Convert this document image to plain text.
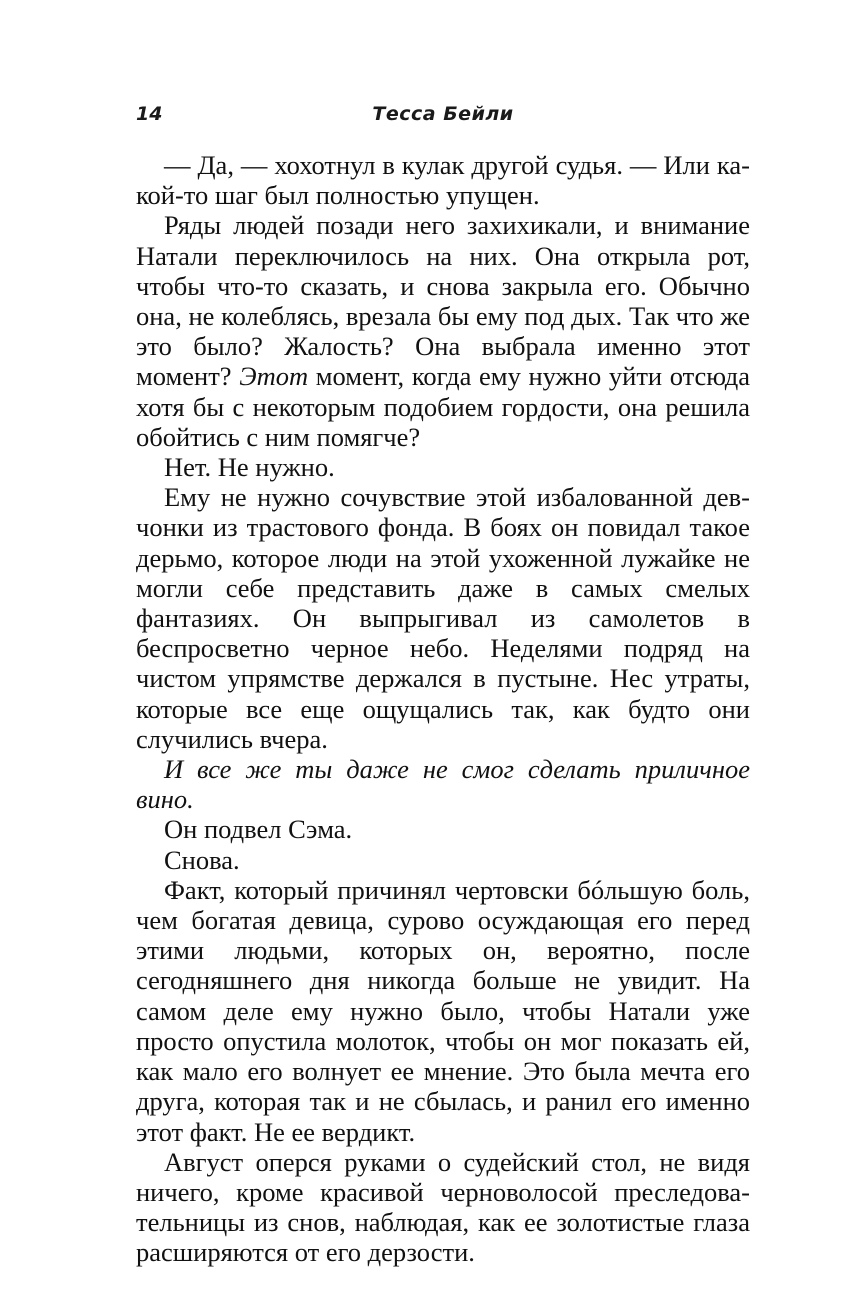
14	Тесса Бейли

— Да, — хохотнул в кулак другой судья. — Или какой-то шаг был полностью упущен.

Ряды людей позади него захихикали, и внимание Натали переключилось на них. Она открыла рот, чтобы что-то сказать, и снова закрыла его. Обычно она, не колеблясь, врезала бы ему под дых. Так что же это было? Жалость? Она выбрала именно этот момент? Этот момент, когда ему нужно уйти отсюда хотя бы с некоторым подобием гордости, она решила обойтись с ним помягче?

Нет. Не нужно.

Ему не нужно сочувствие этой избалованной девчонки из трастового фонда. В боях он повидал такое дерьмо, которое люди на этой ухоженной лужайке не могли себе представить даже в самых смелых фантазиях. Он выпрыгивал из самолетов в беспросветно черное небо. Неделями подряд на чистом упрямстве держался в пустыне. Нес утраты, которые все еще ощущались так, как будто они случились вчера.

И все же ты даже не смог сделать приличное вино.

Он подвел Сэма.

Снова.

Факт, который причинял чертовски бóльшую боль, чем богатая девица, сурово осуждающая его перед этими людьми, которых он, вероятно, после сегодняшнего дня никогда больше не увидит. На самом деле ему нужно было, чтобы Натали уже просто опустила молоток, чтобы он мог показать ей, как мало его волнует ее мнение. Это была мечта его друга, которая так и не сбылась, и ранил его именно этот факт. Не ее вердикт.

Август оперся руками о судейский стол, не видя ничего, кроме красивой черноволосой преследовательницы из снов, наблюдая, как ее золотистые глаза расширяются от его дерзости.
